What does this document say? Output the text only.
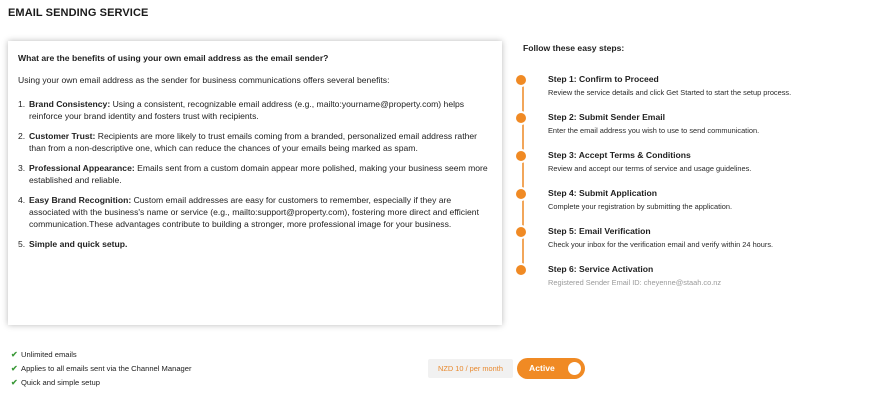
EMAIL SENDING SERVICE

What are the benefits of using your own email address as the email sender?

Using your own email address as the sender for business communications offers several benefits:

1. Brand Consistency: Using a consistent, recognizable email address (e.g., mailto:yourname@property.com) helps reinforce your brand identity and fosters trust with recipients.
2. Customer Trust: Recipients are more likely to trust emails coming from a branded, personalized email address rather than from a non-descriptive one, which can reduce the chances of your emails being marked as spam.
3. Professional Appearance: Emails sent from a custom domain appear more polished, making your business seem more established and reliable.
4. Easy Brand Recognition: Custom email addresses are easy for customers to remember, especially if they are associated with the business's name or service (e.g., mailto:support@property.com), fostering more direct and efficient communication.These advantages contribute to building a stronger, more professional image for your business.
5. Simple and quick setup.
Follow these easy steps:
Step 1: Confirm to Proceed
Review the service details and click Get Started to start the setup process.
Step 2: Submit Sender Email
Enter the email address you wish to use to send communication.
Step 3: Accept Terms & Conditions
Review and accept our terms of service and usage guidelines.
Step 4: Submit Application
Complete your registration by submitting the application.
Step 5: Email Verification
Check your inbox for the verification email and verify within 24 hours.
Step 6: Service Activation
Registered Sender Email ID: cheyenne@staah.co.nz
✔ Unlimited emails
✔ Applies to all emails sent via the Channel Manager
✔ Quick and simple setup
NZD 10 / per month	Active
